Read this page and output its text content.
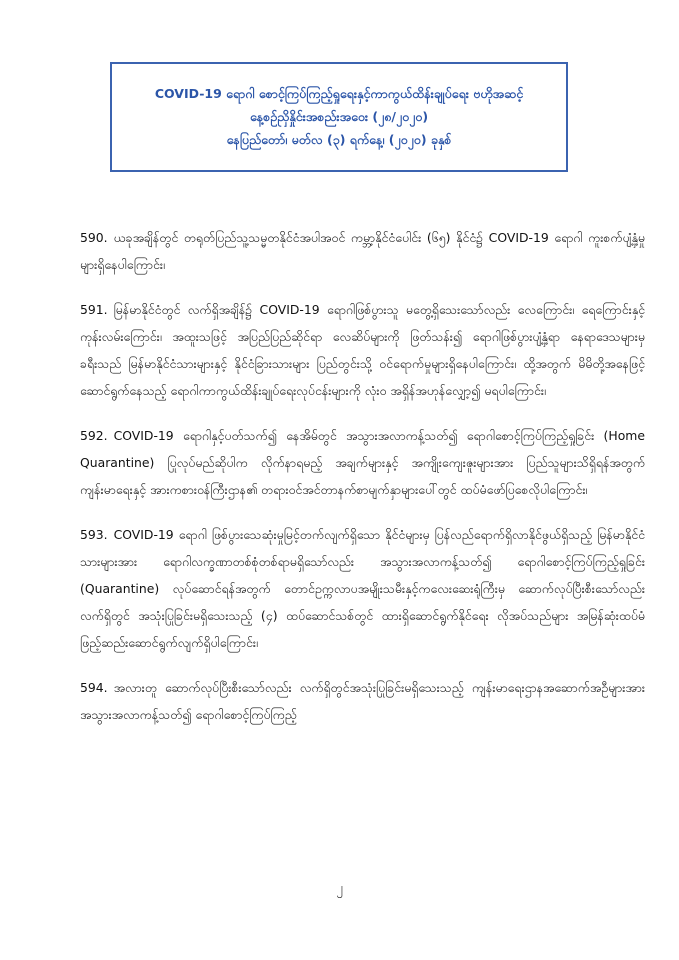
COVID-19 ရောဂါ စောင့်ကြပ်ကြည့်ရှုရေးနှင့်ကာကွယ်ထိန်းချုပ်ရေး ဗဟိုအဆင့်
နေ့စဉ်ညှိနှိုင်းအစည်းအဝေး (၂၈/၂၀၂၀)
နေပြည်တော်၊ မတ်လ (၃) ရက်နေ့၊ (၂၀၂၀) ခုနှစ်

590. ယခုအချိန်တွင် တရုတ်ပြည်သူ့သမ္မတနိုင်ငံအပါအဝင် ကမ္ဘာ့နိုင်ငံပေါင်း (၆၅) နိုင်ငံ၌ COVID-19 ရောဂါ ကူးစက်ပျံ့နှံ့မှုများရှိနေပါကြောင်း၊

591. မြန်မာနိုင်ငံတွင် လက်ရှိအချိန်၌ COVID-19 ရောဂါဖြစ်ပွားသူ မတွေ့ရှိသေးသော်လည်း လေကြောင်း၊ ရေကြောင်းနှင့် ကုန်းလမ်းကြောင်း၊ အထူးသဖြင့် အပြည်ပြည်ဆိုင်ရာ လေဆိပ်များကို ဖြတ်သန်း၍ ရောဂါဖြစ်ပွားပျံ့နှံ့ရာ နေရာဒေသများမှ ခရီးသည် မြန်မာနိုင်ငံသားများနှင့် နိုင်ငံခြားသားများ ပြည်တွင်းသို့ ဝင်ရောက်မှုများရှိနေပါကြောင်း၊ ထို့အတွက် မိမိတို့အနေဖြင့် ဆောင်ရွက်နေသည့် ရောဂါကာကွယ်ထိန်းချုပ်ရေးလုပ်ငန်းများကို လုံးဝ အရှိန်အဟုန်လျှော့၍ မရပါကြောင်း၊

592. COVID-19 ရောဂါနှင့်ပတ်သက်၍ နေအိမ်တွင် အသွားအလာကန့်သတ်၍ ရောဂါစောင့်ကြပ်ကြည့်ရှုခြင်း (Home Quarantine) ပြုလုပ်မည်ဆိုပါက လိုက်နာရမည့် အချက်များနှင့် အကျိုးကျေးဇူးများအား ပြည်သူများသိရှိရန်အတွက် ကျန်းမာရေးနှင့် အားကစားဝန်ကြီးဌာန၏ တရားဝင်အင်တာနက်စာမျက်နှာများပေါ်တွင် ထပ်မံဖော်ပြစေလိုပါကြောင်း၊

593. COVID-19 ရောဂါ ဖြစ်ပွားသေဆုံးမှုမြင့်တက်လျက်ရှိသော နိုင်ငံများမှ ပြန်လည်ရောက်ရှိလာနိုင်ဖွယ်ရှိသည့် မြန်မာနိုင်ငံသားများအား ရောဂါလက္ခဏာတစ်စုံတစ်ရာမရှိသော်လည်း အသွားအလာကန့်သတ်၍ ရောဂါစောင့်ကြပ်ကြည့်ရှုခြင်း (Quarantine) လုပ်ဆောင်ရန်အတွက် တောင်ဥက္ကလာပအမျိုးသမီးနှင့်ကလေးဆေးရုံကြီးမှ ဆောက်လုပ်ပြီးစီးသော်လည်း လက်ရှိတွင် အသုံးပြုခြင်းမရှိသေးသည့် (၄) ထပ်ဆောင်သစ်တွင် ထားရှိဆောင်ရွက်နိုင်ရေး လိုအပ်သည်များ အမြန်ဆုံးထပ်မံဖြည့်ဆည်းဆောင်ရွက်လျက်ရှိပါကြောင်း၊

594. အလားတူ ဆောက်လုပ်ပြီးစီးသော်လည်း လက်ရှိတွင်အသုံးပြုခြင်းမရှိသေးသည့် ကျန်းမာရေးဌာနအဆောက်အဦများအား အသွားအလာကန့်သတ်၍ ရောဂါစောင့်ကြပ်ကြည့်

၂
